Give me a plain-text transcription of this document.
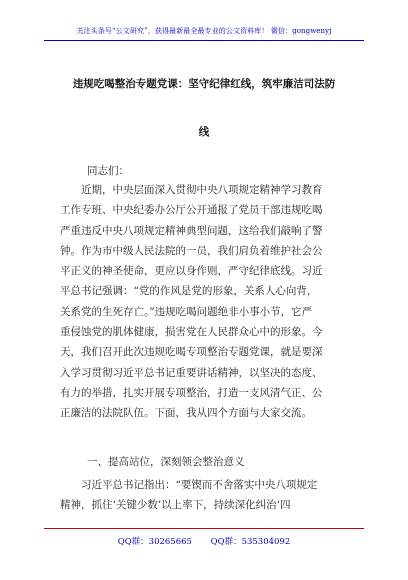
关注头条号“公文研究”，获得最新最全最专业的公文资料库！ 微信：gongwenyj
违规吃喝整治专题党课：坚守纪律红线，筑牢廉洁司法防
线
同志们：

　　近期，中央层面深入贯彻中央八项规定精神学习教育

工作专班、中央纪委办公厅公开通报了党员干部违规吃喝

严重违反中央八项规定精神典型问题，这给我们敲响了警

钟。作为市中级人民法院的一员，我们肩负着维护社会公

平正义的神圣使命，更应以身作则，严守纪律底线。习近

平总书记强调：“党的作风是党的形象，关系人心向背，

关系党的生死存亡。”违规吃喝问题绝非小事小节，它严

重侵蚀党的肌体健康，损害党在人民群众心中的形象。今

天，我们召开此次违规吃喝专项整治专题党课，就是要深

入学习贯彻习近平总书记重要讲话精神，以坚决的态度、

有力的举措，扎实开展专项整治，打造一支风清气正、公

正廉洁的法院队伍。下面，我从四个方面与大家交流。

一、提高站位，深刻领会整治意义

　　习近平总书记指出：“要锲而不舍落实中央八项规定

精神，抓住‘关键少数’以上率下，持续深化纠治‘四

QQ群：30265665 QQ群：535304092
